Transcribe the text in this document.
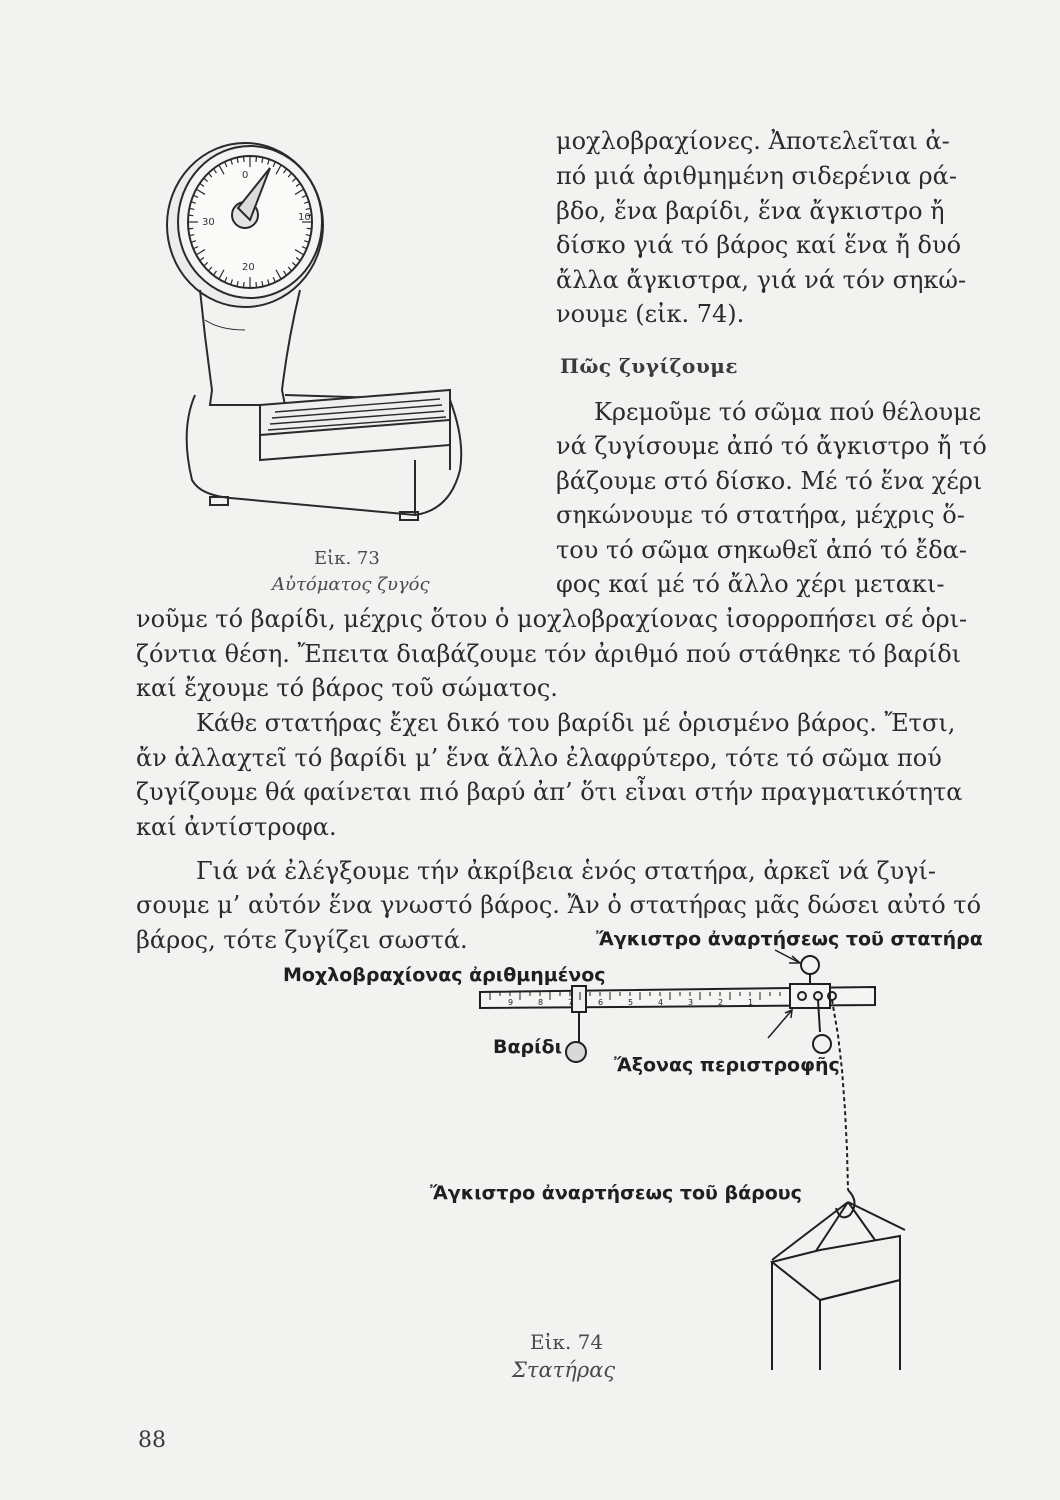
0
30	10
20
Εἰκ. 73
Αὐτόματος ζυγός
μοχλοβραχίονες. Ἀποτελεῖται ἀ-
πό μιά ἀριθμημένη σιδερένια ρά-
βδο, ἕνα βαρίδι, ἕνα ἄγκιστρο ἤ
δίσκο γιά τό βάρος καί ἕνα ἤ δυό
ἄλλα ἄγκιστρα, γιά νά τόν σηκώ-
νουμε (εἰκ. 74).
Πῶς ζυγίζουμε
Κρεμοῦμε τό σῶμα πού θέλουμε
νά ζυγίσουμε ἀπό τό ἄγκιστρο ἤ τό
βάζουμε στό δίσκο. Μέ τό ἕνα χέρι
σηκώνουμε τό στατήρα, μέχρις ὅ-
του τό σῶμα σηκωθεῖ ἀπό τό ἔδα-
φος καί μέ τό ἄλλο χέρι μετακι-
νοῦμε τό βαρίδι, μέχρις ὅτου ὁ μοχλοβραχίονας ἰσορροπήσει σέ ὁρι-
ζόντια θέση. Ἔπειτα διαβάζουμε τόν ἀριθμό πού στάθηκε τό βαρίδι
καί ἔχουμε τό βάρος τοῦ σώματος.
Κάθε στατήρας ἔχει δικό του βαρίδι μέ ὁρισμένο βάρος. Ἔτσι,
ἄν ἀλλαχτεῖ τό βαρίδι μ’ ἕνα ἄλλο ἐλαφρύτερο, τότε τό σῶμα πού
ζυγίζουμε θά φαίνεται πιό βαρύ ἀπ’ ὅτι εἶναι στήν πραγματικότητα
καί ἀντίστροφα.
Γιά νά ἐλέγξουμε τήν ἀκρίβεια ἑνός στατήρα, ἀρκεῖ νά ζυγί-
σουμε μ’ αὐτόν ἕνα γνωστό βάρος. Ἄν ὁ στατήρας μᾶς δώσει αὐτό τό
βάρος, τότε ζυγίζει σωστά.
9	8	7	6	5	4	3	2	1
Ἄγκιστρο ἀναρτήσεως τοῦ στατήρα
Μοχλοβραχίονας ἀριθμημένος
Βαρίδι
Ἄξονας περιστροφῆς
Ἄγκιστρο ἀναρτήσεως τοῦ βάρους
Εἰκ. 74
Στατήρας
88
